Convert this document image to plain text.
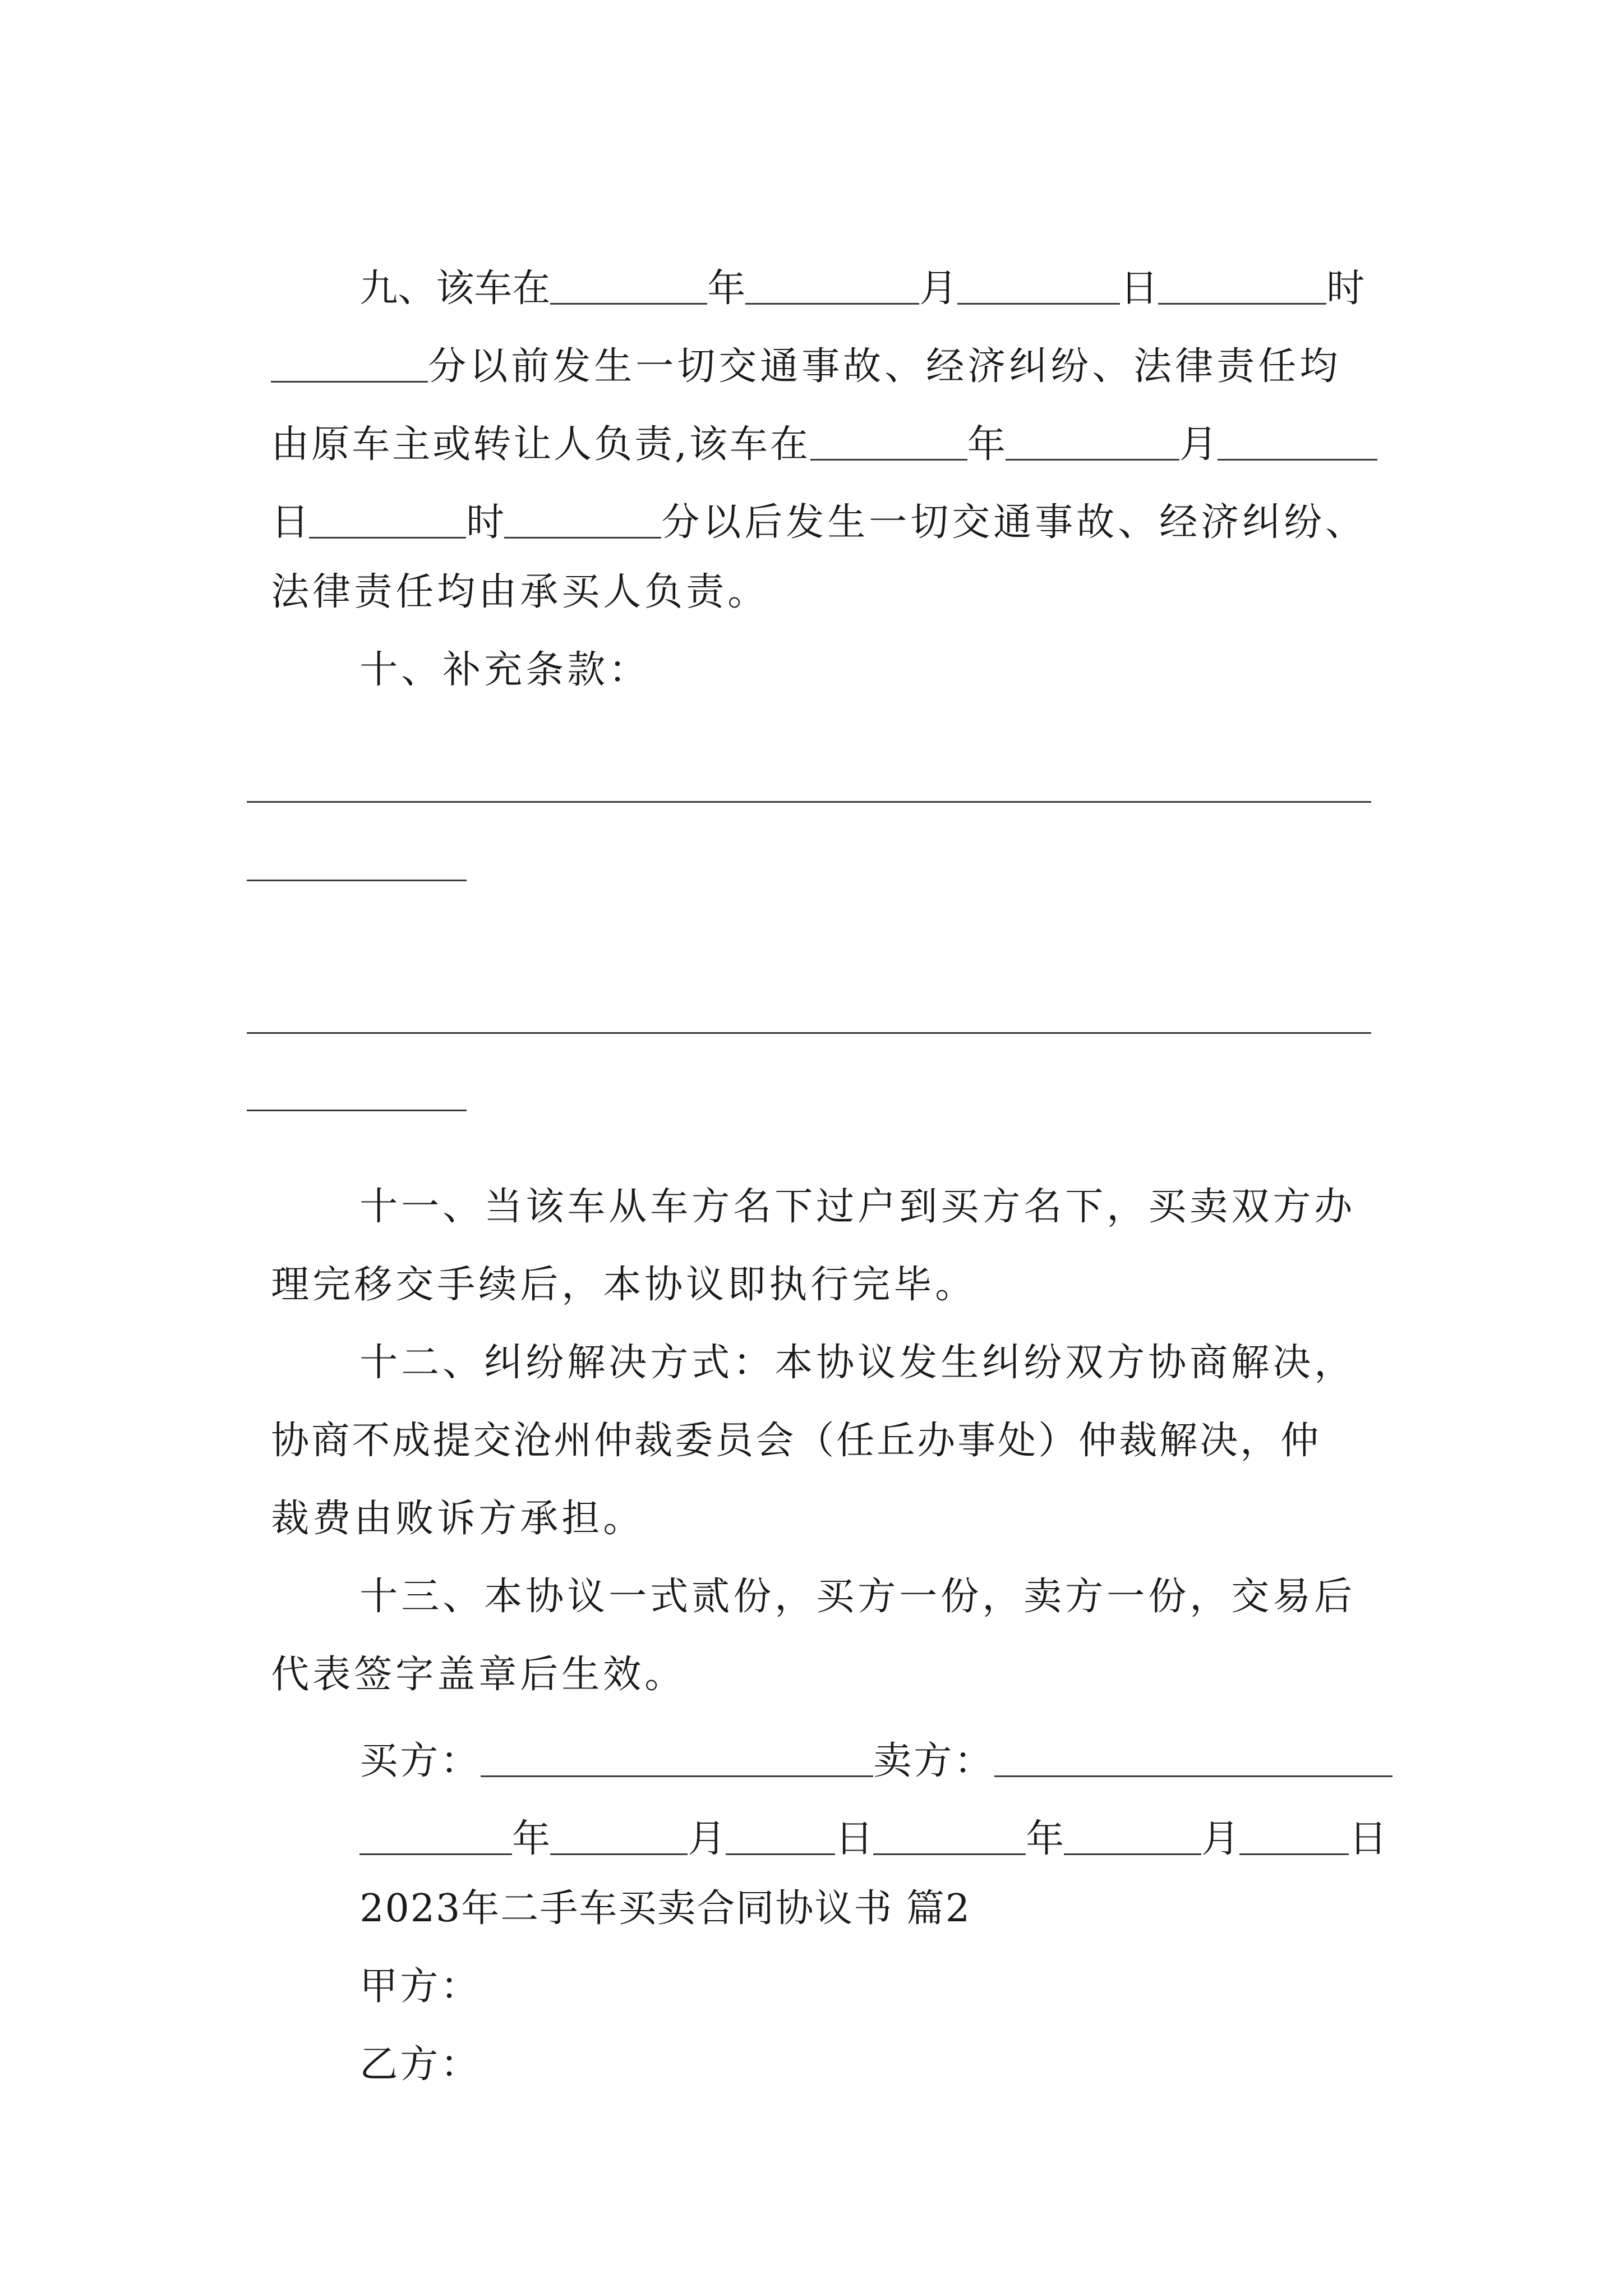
九、该车在	年	月	日	时

分以前发生一切交通事故、经济纠纷、法律责任均

由原车主或转让人负责,该车在	年	月

日	时	分以后发生一切交通事故、经济纠纷、

法律责任均由承买人负责。

十、补充条款：

十一、当该车从车方名下过户到买方名下，买卖双方办

理完移交手续后，本协议即执行完毕。

十二、纠纷解决方式：本协议发生纠纷双方协商解决，

协商不成提交沧州仲裁委员会（任丘办事处）仲裁解决，仲

裁费由败诉方承担。

十三、本协议一式贰份，买方一份，卖方一份，交易后

代表签字盖章后生效。

买方：	卖方：

年	月	日	年	月	日

2023年二手车买卖合同协议书 篇2

甲方：

乙方：
